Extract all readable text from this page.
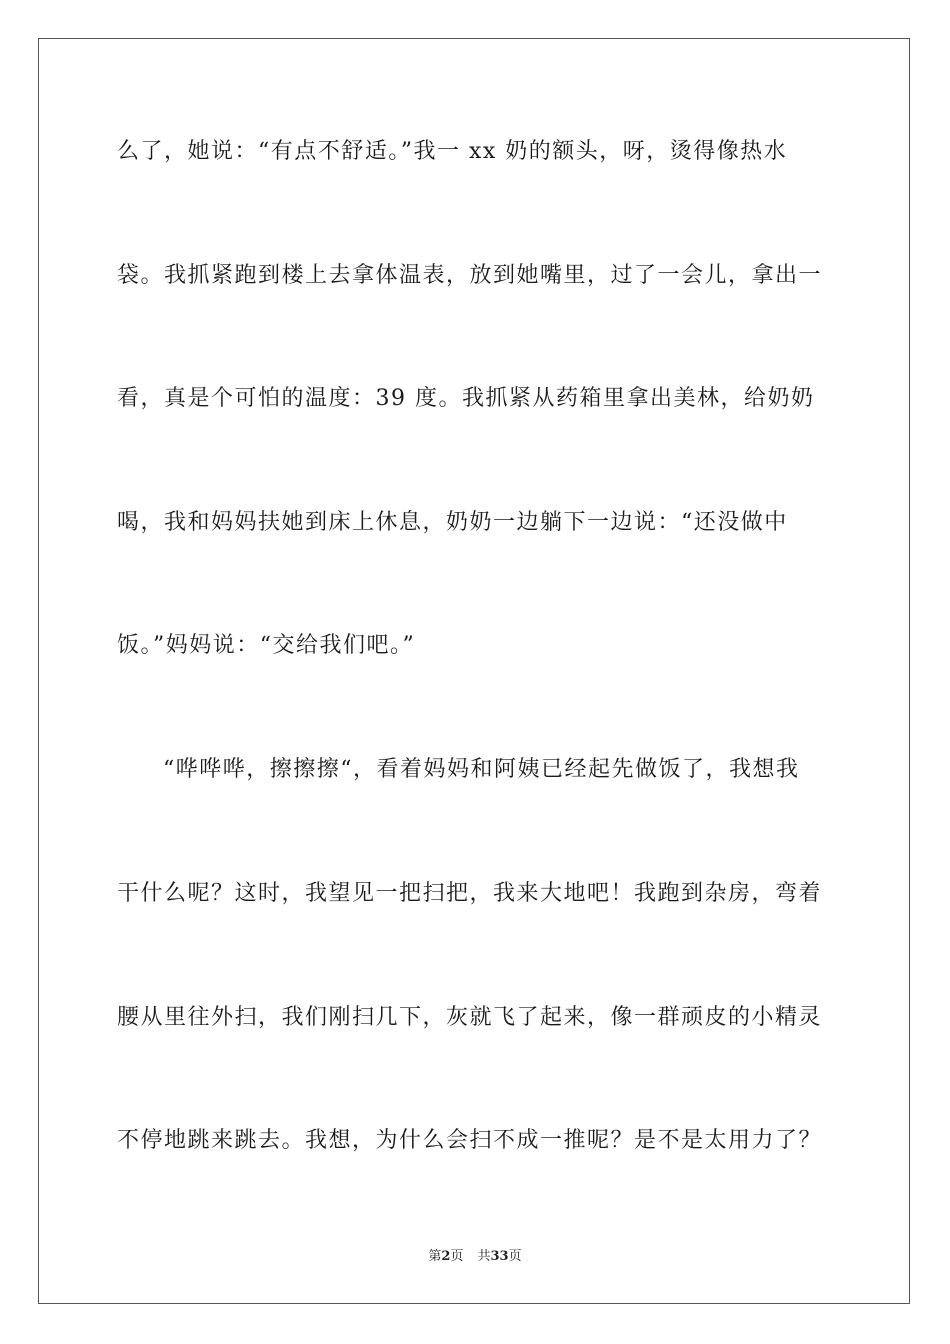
么了，她说：“有点不舒适。”我一 xx 奶的额头，呀，烫得像热水
袋。我抓紧跑到楼上去拿体温表，放到她嘴里，过了一会儿，拿出一
看，真是个可怕的温度：39 度。我抓紧从药箱里拿出美林，给奶奶
喝，我和妈妈扶她到床上休息，奶奶一边躺下一边说：“还没做中
饭。”妈妈说：“交给我们吧。”
“哗哗哗，擦擦擦“，看着妈妈和阿姨已经起先做饭了，我想我
干什么呢？这时，我望见一把扫把，我来大地吧！我跑到杂房，弯着
腰从里往外扫，我们刚扫几下，灰就飞了起来，像一群顽皮的小精灵
不停地跳来跳去。我想，为什么会扫不成一推呢？是不是太用力了？
第2页 共33页
